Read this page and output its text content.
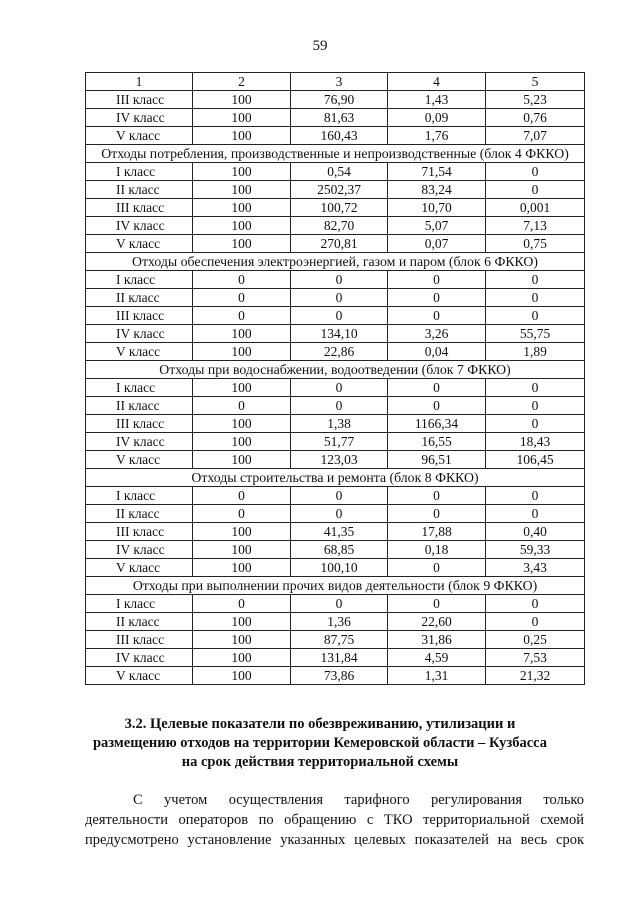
59
1	2	3	4	5
III класс	100	76,90	1,43	5,23
IV класс	100	81,63	0,09	0,76
V класс	100	160,43	1,76	7,07
Отходы потребления, производственные и непроизводственные (блок 4 ФККО)				
I класс	100	0,54	71,54	0
II класс	100	2502,37	83,24	0
III класс	100	100,72	10,70	0,001
IV класс	100	82,70	5,07	7,13
V класс	100	270,81	0,07	0,75
Отходы обеспечения электроэнергией, газом и паром (блок 6 ФККО)				
I класс	0	0	0	0
II класс	0	0	0	0
III класс	0	0	0	0
IV класс	100	134,10	3,26	55,75
V класс	100	22,86	0,04	1,89
Отходы при водоснабжении, водоотведении (блок 7 ФККО)				
I класс	100	0	0	0
II класс	0	0	0	0
III класс	100	1,38	1166,34	0
IV класс	100	51,77	16,55	18,43
V класс	100	123,03	96,51	106,45
Отходы строительства и ремонта (блок 8 ФККО)				
I класс	0	0	0	0
II класс	0	0	0	0
III класс	100	41,35	17,88	0,40
IV класс	100	68,85	0,18	59,33
V класс	100	100,10	0	3,43
Отходы при выполнении прочих видов деятельности (блок 9 ФККО)				
I класс	0	0	0	0
II класс	100	1,36	22,60	0
III класс	100	87,75	31,86	0,25
IV класс	100	131,84	4,59	7,53
V класс	100	73,86	1,31	21,32
3.2. Целевые показатели по обезвреживанию, утилизации и
размещению отходов на территории Кемеровской области – Кузбасса
на срок действия территориальной схемы
С учетом осуществления тарифного регулирования только
деятельности операторов по обращению с ТКО территориальной схемой
предусмотрено установление указанных целевых показателей на весь срок
